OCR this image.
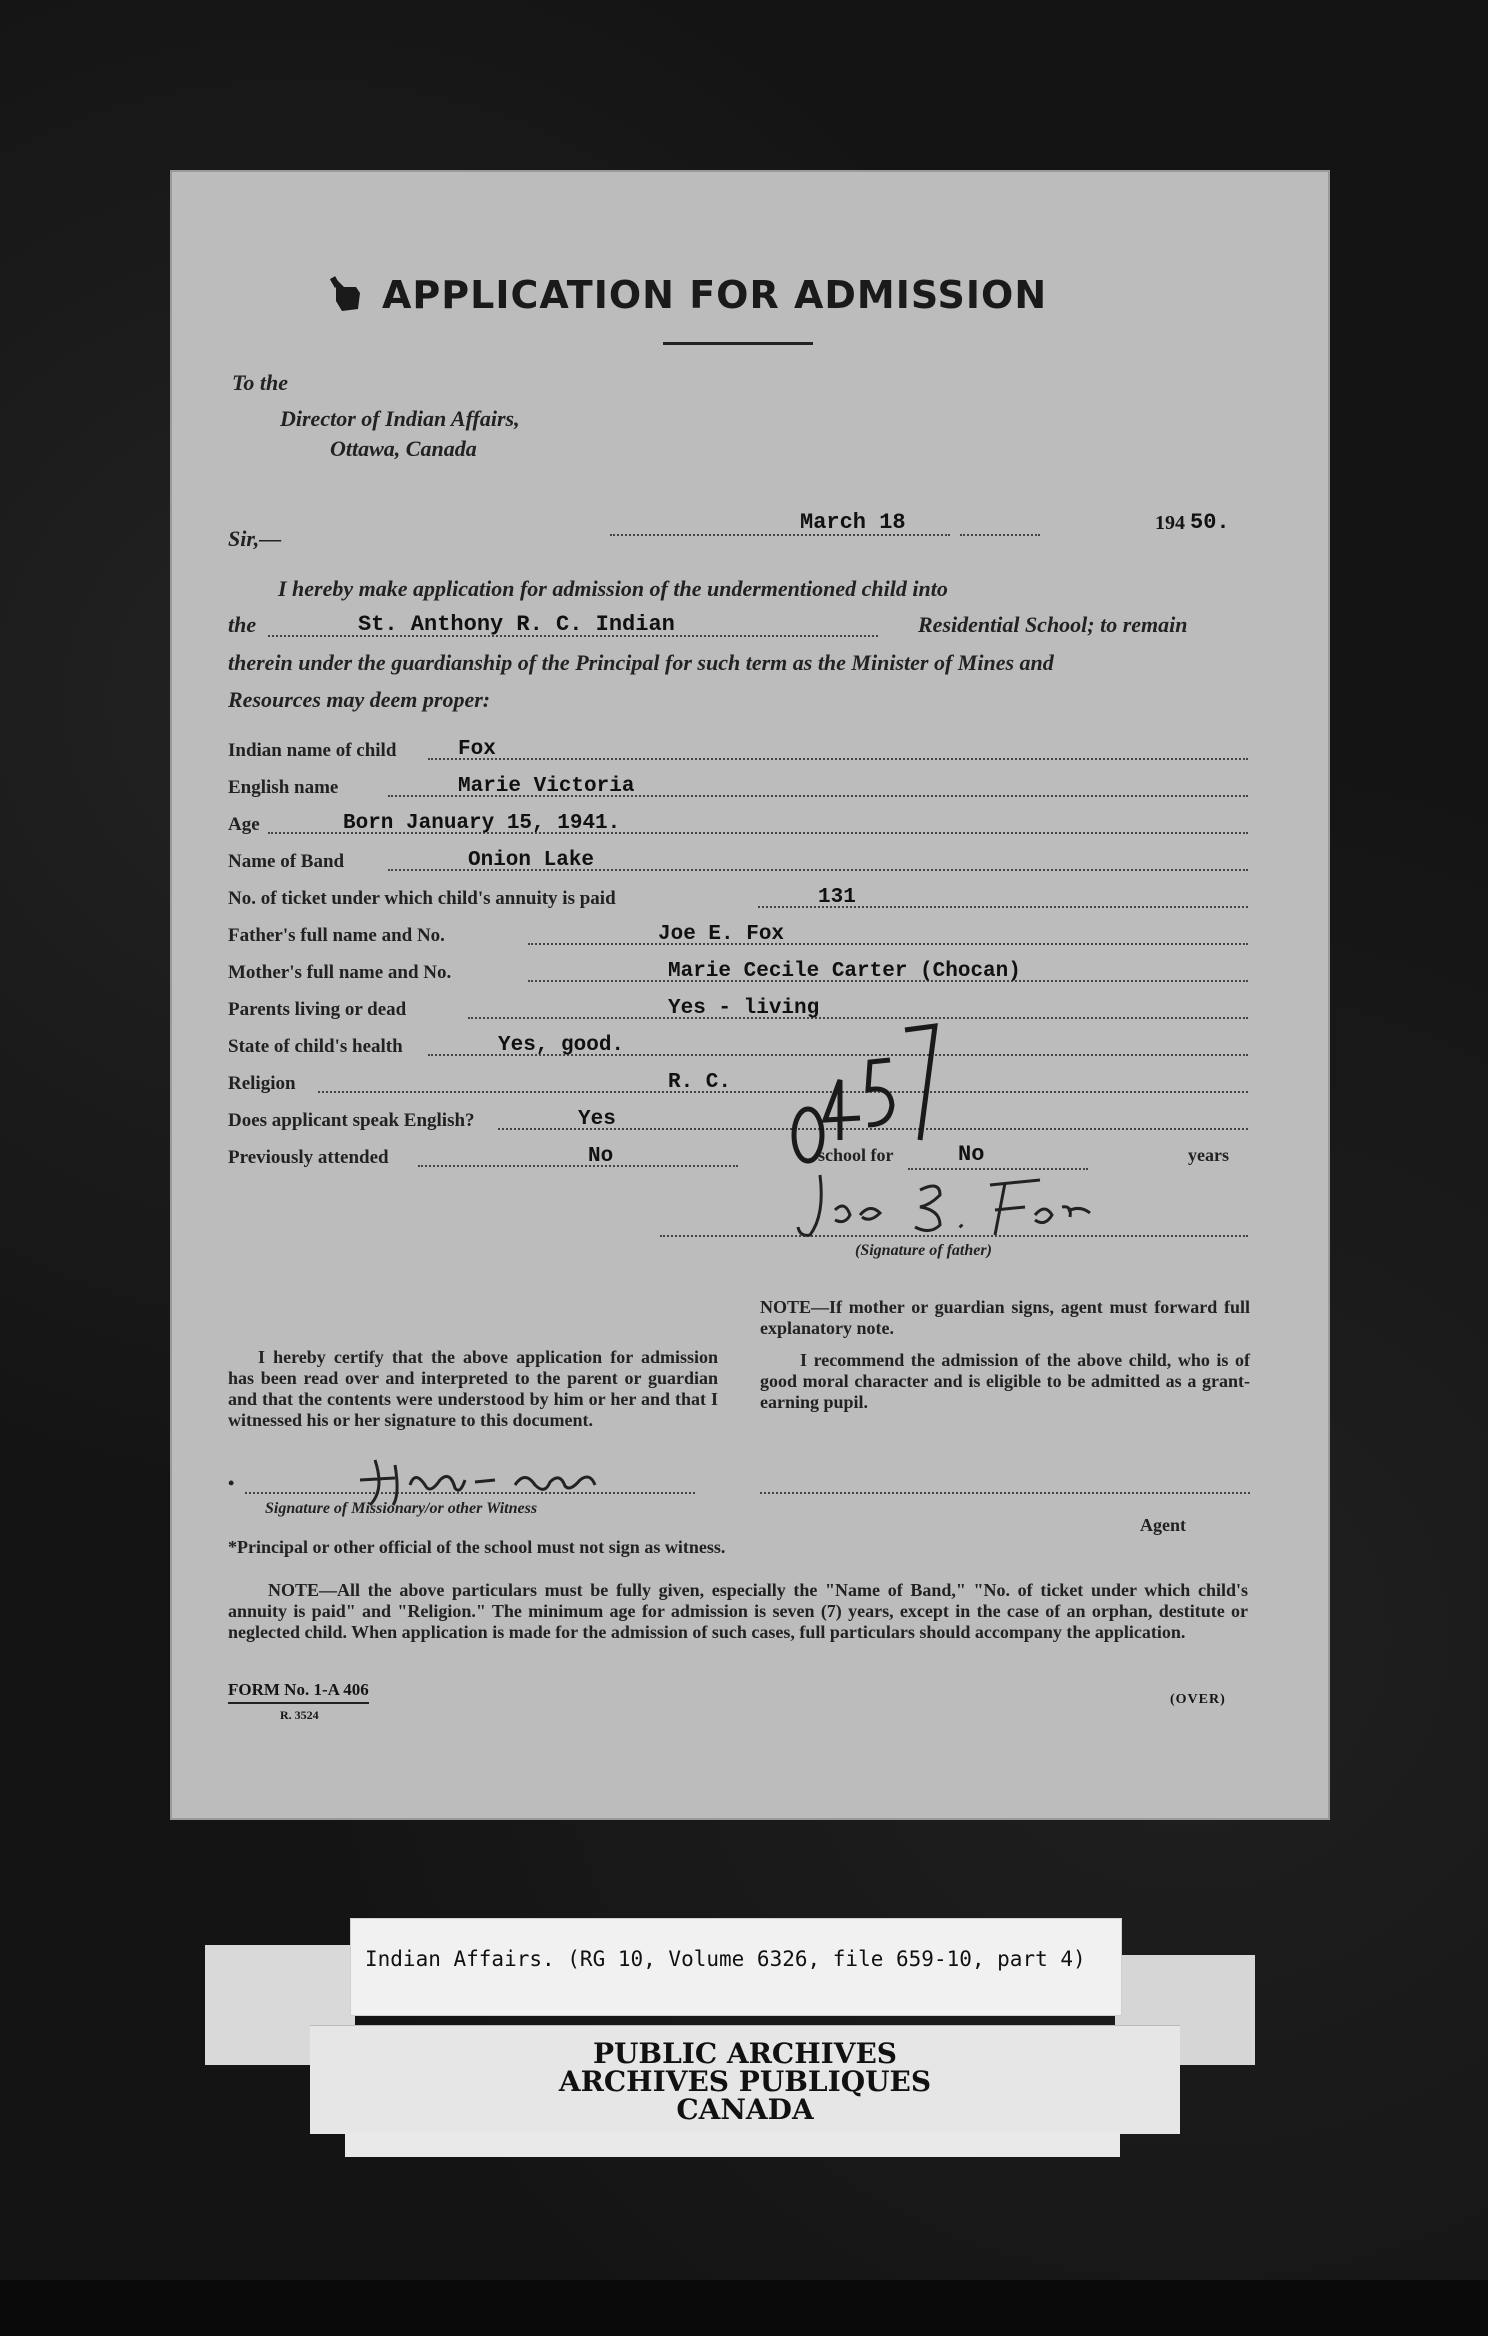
APPLICATION FOR ADMISSION
To the
Director of Indian Affairs,
Ottawa, Canada
March 18	194 50.
Sir,—
I hereby make application for admission of the undermentioned child into
the	St. Anthony R. C. Indian	Residential School; to remain
therein under the guardianship of the Principal for such term as the Minister of Mines and
Resources may deem proper:
Indian name of child	Fox
English name	Marie Victoria
Age	Born January 15, 1941.
Name of Band	Onion Lake
No. of ticket under which child's annuity is paid	131
Father's full name and No.	Joe E. Fox
Mother's full name and No.	Marie Cecile Carter (Chocan)
Parents living or dead	Yes - living
State of child's health	Yes, good.
Religion	R. C.
Does applicant speak English?	Yes
Previously attended	No	school for	No	years
(Signature of father)
NOTE—If mother or guardian signs, agent must forward full explanatory note.
I recommend the admission of the above child, who is of good moral character and is eligible to be admitted as a grant-earning pupil.
I hereby certify that the above application for admission has been read over and interpreted to the parent or guardian and that the contents were understood by him or her and that I witnessed his or her signature to this document.
•
Signature of Missionary/or other Witness
Agent
*Principal or other official of the school must not sign as witness.
NOTE—All the above particulars must be fully given, especially the "Name of Band," "No. of ticket under which child's annuity is paid" and "Religion." The minimum age for admission is seven (7) years, except in the case of an orphan, destitute or neglected child. When application is made for the admission of such cases, full particulars should accompany the application.
FORM No. 1-A 406
R. 3524
(OVER)
Indian Affairs. (RG 10, Volume 6326, file 659-10, part 4)
PUBLIC ARCHIVES
ARCHIVES PUBLIQUES
CANADA
